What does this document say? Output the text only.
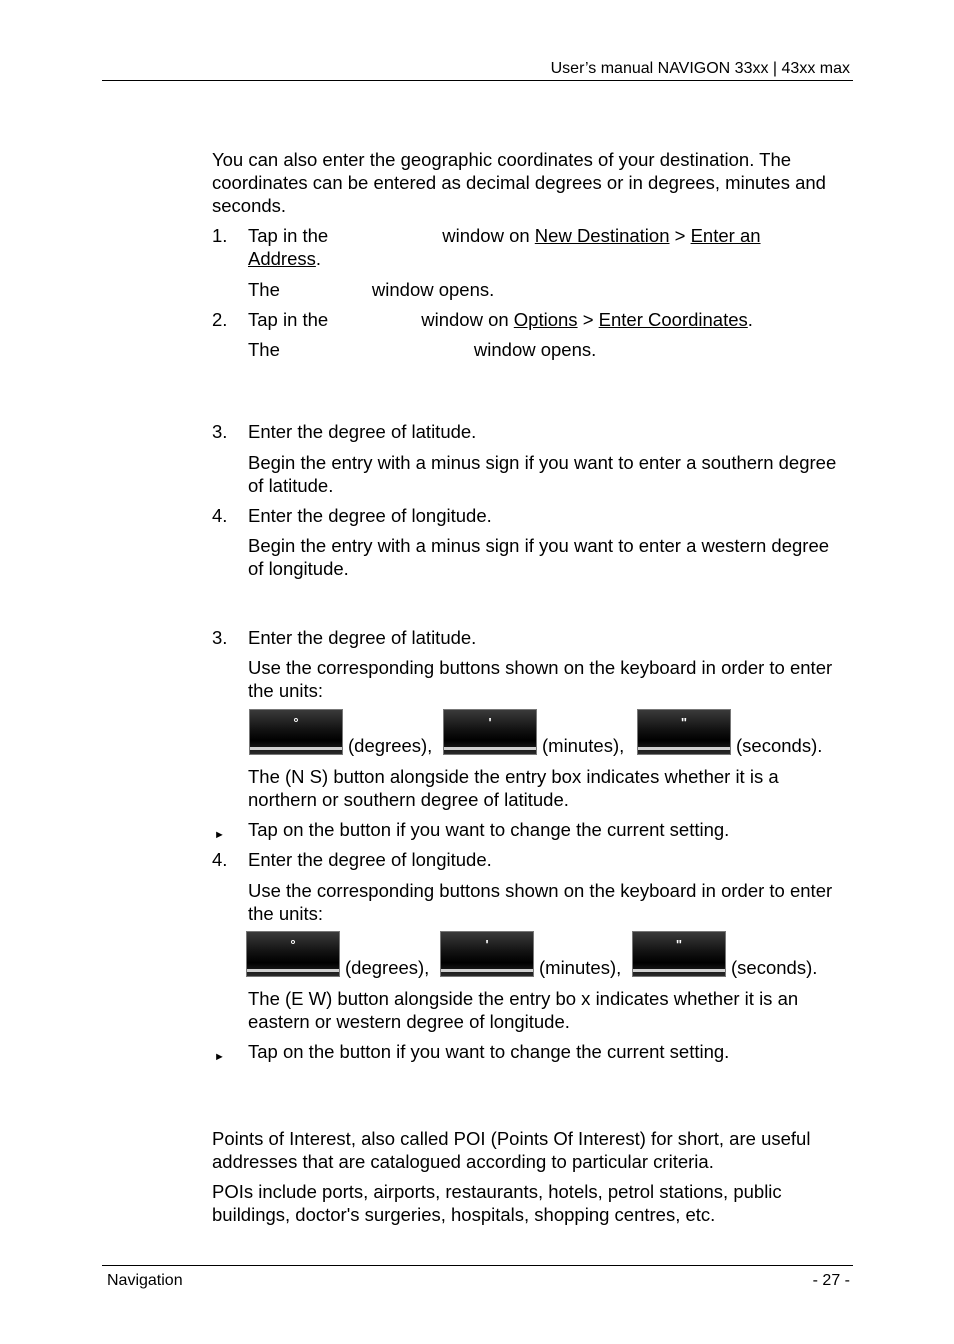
User’s manual NAVIGON 33xx | 43xx max
You can also enter the geographic coordinates of your destination. The coordinates can be entered as decimal degrees or in degrees, minutes and seconds.
1. Tap in the	window on New Destination > Enter an
Address.
The	window opens.
2. Tap in the	window on Options > Enter Coordinates.
The	window opens.
3. Enter the degree of latitude.
Begin the entry with a minus sign if you want to enter a southern degree of latitude.
4. Enter the degree of longitude.
Begin the entry with a minus sign if you want to enter a western degree of longitude.
3. Enter the degree of latitude.
Use the corresponding buttons shown on the keyboard in order to enter the units:
°
(degrees),
'
(minutes),
"
(seconds).
The (N S) button alongside the entry box indicates whether it is a northern or southern degree of latitude.
► Tap on the button if you want to change the current setting.
4. Enter the degree of longitude.
Use the corresponding buttons shown on the keyboard in order to enter the units:
°
(degrees),
'
(minutes),
"
(seconds).
The (E W) button alongside the entry bo x indicates whether it is an eastern or western degree of longitude.
► Tap on the button if you want to change the current setting.
Points of Interest, also called POI (Points Of Interest) for short, are useful addresses that are catalogued according to particular criteria.
POIs include ports, airports, restaurants, hotels, petrol stations, public buildings, doctor's surgeries, hospitals, shopping centres, etc.
Navigation	- 27 -
